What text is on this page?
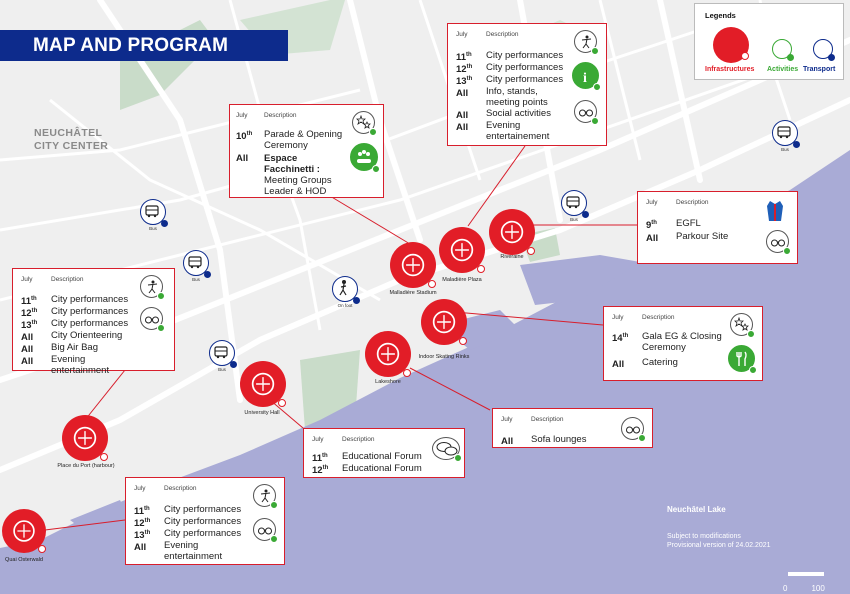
MAP AND PROGRAM
NEUCHÂTEL
CITY CENTER
Neuchâtel Lake
Subject to modifications
Provisional version of 24.02.2021
0	100
Legends
Infrastructures Activities Transport
Quai Osterwald
Place du Port (harbour)
University Hall
Lakeshore
Indoor Skating Rinks
Malladière Stadium
Maladière Plaza
Riveraine
Bus
Bus
On foot
Bus
Bus
Bus
July	Description
10th Parade & Opening Ceremony
All Espace Facchinetti :
Meeting Groups Leader & HOD
July	Description
11th City performances
12th City performances
13th City performances
All Info, stands, meeting points
All Social activities
All Evening entertainement
i
July	Description
9th EGFL
All Parkour Site
July	Description
11th City performances
12th City performances
13th City performances
All City Orienteering
All Big Air Bag
All Evening entertainment
July	Description
14th Gala EG & Closing Ceremony
All Catering
July	Description
All Sofa lounges
July	Description
11th Educational Forum
12th Educational Forum
July	Description
11th City performances
12th City performances
13th City performances
All Evening entertainment
